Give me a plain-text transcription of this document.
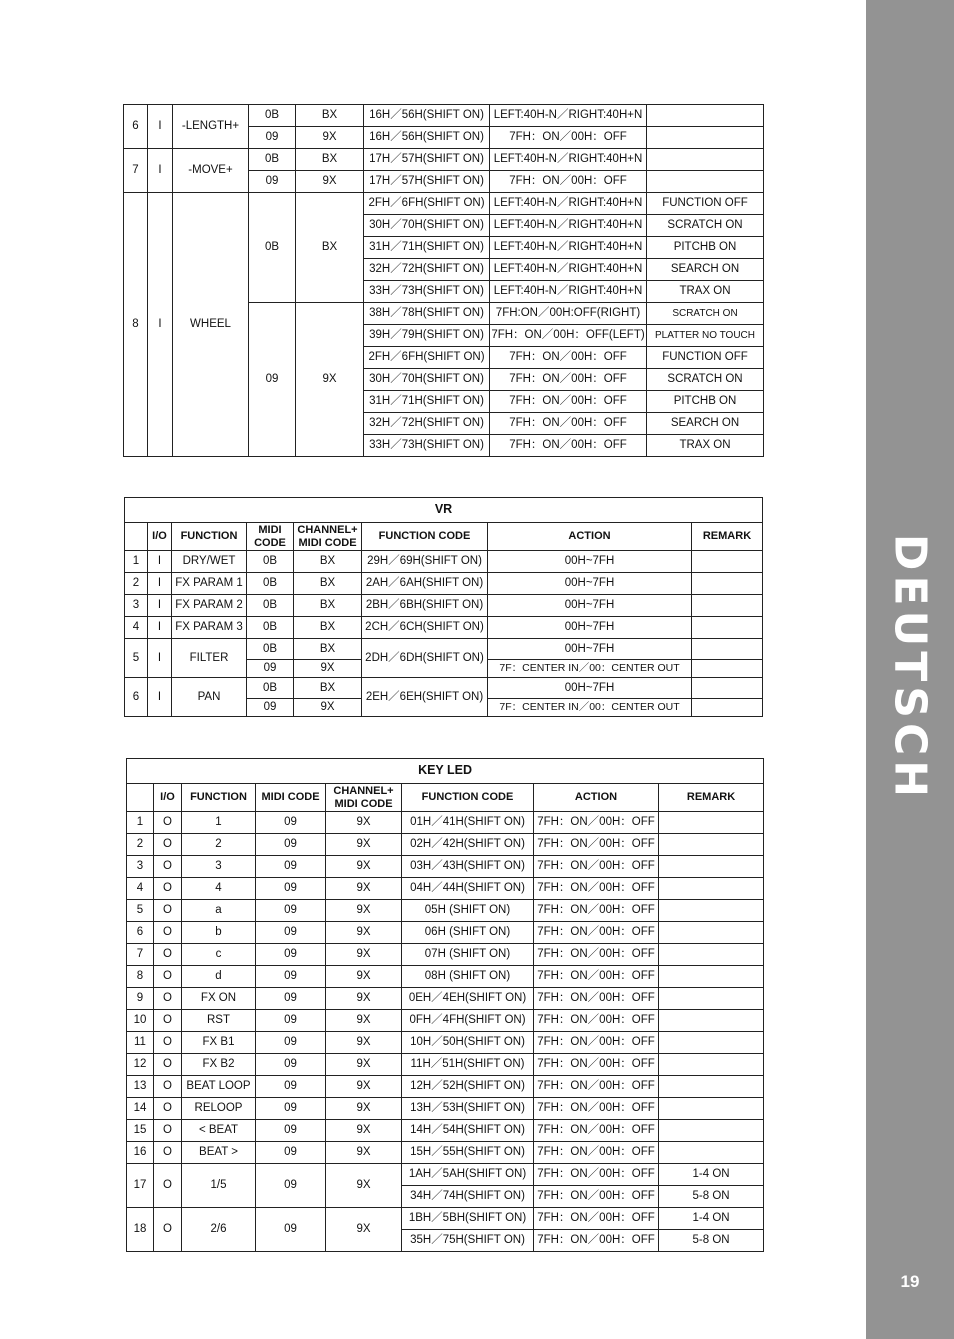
DEUTSCH
19
6	I	-LENGTH+	0B	BX	16H／56H(SHIFT ON)	LEFT:40H-N／RIGHT:40H+N	
			09	9X	16H／56H(SHIFT ON)	7FH：ON／00H：OFF	
7	I	-MOVE+	0B	BX	17H／57H(SHIFT ON)	LEFT:40H-N／RIGHT:40H+N	
			09	9X	17H／57H(SHIFT ON)	7FH：ON／00H：OFF	
8	I	WHEEL	0B	BX	2FH／6FH(SHIFT ON)	LEFT:40H-N／RIGHT:40H+N	FUNCTION OFF
					30H／70H(SHIFT ON)	LEFT:40H-N／RIGHT:40H+N	SCRATCH ON
					31H／71H(SHIFT ON)	LEFT:40H-N／RIGHT:40H+N	PITCHB ON
					32H／72H(SHIFT ON)	LEFT:40H-N／RIGHT:40H+N	SEARCH ON
					33H／73H(SHIFT ON)	LEFT:40H-N／RIGHT:40H+N	TRAX ON
			09	9X	38H／78H(SHIFT ON)	7FH:ON／00H:OFF(RIGHT)	SCRATCH ON
					39H／79H(SHIFT ON)	7FH：ON／00H：OFF(LEFT)	PLATTER NO TOUCH
					2FH／6FH(SHIFT ON)	7FH：ON／00H：OFF	FUNCTION OFF
					30H／70H(SHIFT ON)	7FH：ON／00H：OFF	SCRATCH ON
					31H／71H(SHIFT ON)	7FH：ON／00H：OFF	PITCHB ON
					32H／72H(SHIFT ON)	7FH：ON／00H：OFF	SEARCH ON
					33H／73H(SHIFT ON)	7FH：ON／00H：OFF	TRAX ON
VR							
	I/O	FUNCTION	MIDI CODE	CHANNEL+ MIDI CODE	FUNCTION CODE	ACTION	REMARK
1	I	DRY/WET	0B	BX	29H／69H(SHIFT ON)	00H~7FH	
2	I	FX PARAM 1	0B	BX	2AH／6AH(SHIFT ON)	00H~7FH	
3	I	FX PARAM 2	0B	BX	2BH／6BH(SHIFT ON)	00H~7FH	
4	I	FX PARAM 3	0B	BX	2CH／6CH(SHIFT ON)	00H~7FH	
5	I	FILTER	0B	BX	2DH／6DH(SHIFT ON)	00H~7FH	
			09	9X		7F：CENTER IN／00：CENTER OUT	
6	I	PAN	0B	BX	2EH／6EH(SHIFT ON)	00H~7FH	
			09	9X		7F：CENTER IN／00：CENTER OUT	
KEY LED							
	I/O	FUNCTION	MIDI CODE	CHANNEL+ MIDI CODE	FUNCTION CODE	ACTION	REMARK
1	O	1	09	9X	01H／41H(SHIFT ON)	7FH：ON／00H：OFF	
2	O	2	09	9X	02H／42H(SHIFT ON)	7FH：ON／00H：OFF	
3	O	3	09	9X	03H／43H(SHIFT ON)	7FH：ON／00H：OFF	
4	O	4	09	9X	04H／44H(SHIFT ON)	7FH：ON／00H：OFF	
5	O	a	09	9X	05H (SHIFT ON)	7FH：ON／00H：OFF	
6	O	b	09	9X	06H (SHIFT ON)	7FH：ON／00H：OFF	
7	O	c	09	9X	07H (SHIFT ON)	7FH：ON／00H：OFF	
8	O	d	09	9X	08H (SHIFT ON)	7FH：ON／00H：OFF	
9	O	FX ON	09	9X	0EH／4EH(SHIFT ON)	7FH：ON／00H：OFF	
10	O	RST	09	9X	0FH／4FH(SHIFT ON)	7FH：ON／00H：OFF	
11	O	FX B1	09	9X	10H／50H(SHIFT ON)	7FH：ON／00H：OFF	
12	O	FX B2	09	9X	11H／51H(SHIFT ON)	7FH：ON／00H：OFF	
13	O	BEAT LOOP	09	9X	12H／52H(SHIFT ON)	7FH：ON／00H：OFF	
14	O	RELOOP	09	9X	13H／53H(SHIFT ON)	7FH：ON／00H：OFF	
15	O	< BEAT	09	9X	14H／54H(SHIFT ON)	7FH：ON／00H：OFF	
16	O	BEAT >	09	9X	15H／55H(SHIFT ON)	7FH：ON／00H：OFF	
17	O	1/5	09	9X	1AH／5AH(SHIFT ON)	7FH：ON／00H：OFF	1-4 ON
					34H／74H(SHIFT ON)	7FH：ON／00H：OFF	5-8 ON
18	O	2/6	09	9X	1BH／5BH(SHIFT ON)	7FH：ON／00H：OFF	1-4 ON
					35H／75H(SHIFT ON)	7FH：ON／00H：OFF	5-8 ON
